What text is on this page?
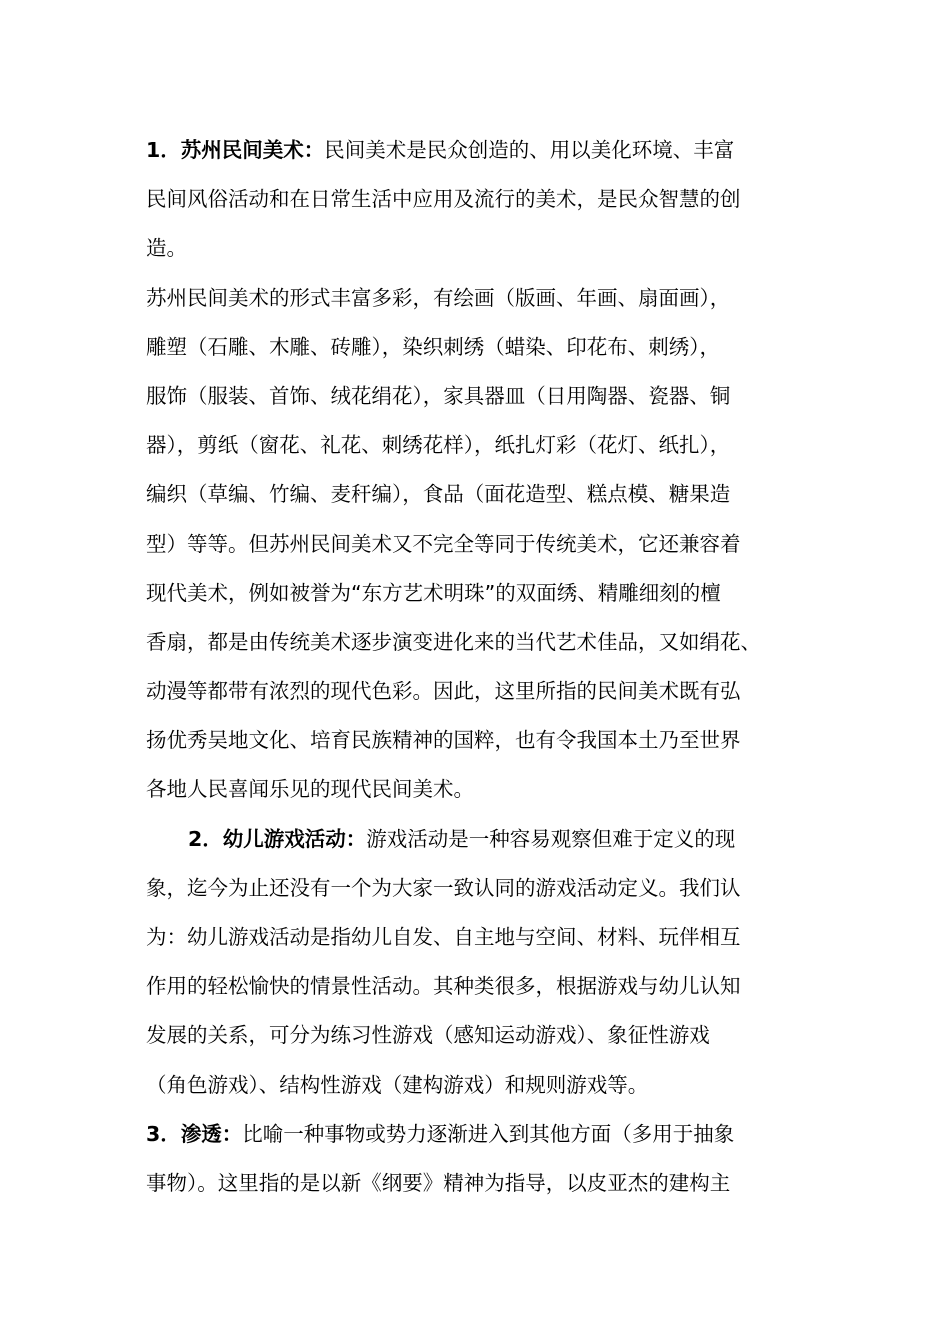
1．苏州民间美术：民间美术是民众创造的、用以美化环境、丰富
民间风俗活动和在日常生活中应用及流行的美术，是民众智慧的创
造。
苏州民间美术的形式丰富多彩，有绘画（版画、年画、扇面画），
雕塑（石雕、木雕、砖雕），染织刺绣（蜡染、印花布、刺绣），
服饰（服装、首饰、绒花绢花），家具器皿（日用陶器、瓷器、铜
器），剪纸（窗花、礼花、刺绣花样），纸扎灯彩（花灯、纸扎），
编织（草编、竹编、麦秆编），食品（面花造型、糕点模、糖果造
型）等等。但苏州民间美术又不完全等同于传统美术，它还兼容着
现代美术，例如被誉为“东方艺术明珠”的双面绣、精雕细刻的檀
香扇，都是由传统美术逐步演变进化来的当代艺术佳品，又如绢花、
动漫等都带有浓烈的现代色彩。因此，这里所指的民间美术既有弘
扬优秀吴地文化、培育民族精神的国粹，也有令我国本土乃至世界
各地人民喜闻乐见的现代民间美术。
2．幼儿游戏活动：游戏活动是一种容易观察但难于定义的现
象，迄今为止还没有一个为大家一致认同的游戏活动定义。我们认
为：幼儿游戏活动是指幼儿自发、自主地与空间、材料、玩伴相互
作用的轻松愉快的情景性活动。其种类很多，根据游戏与幼儿认知
发展的关系，可分为练习性游戏（感知运动游戏）、象征性游戏
（角色游戏）、结构性游戏（建构游戏）和规则游戏等。
3．渗透：比喻一种事物或势力逐渐进入到其他方面（多用于抽象
事物）。这里指的是以新《纲要》精神为指导，以皮亚杰的建构主
